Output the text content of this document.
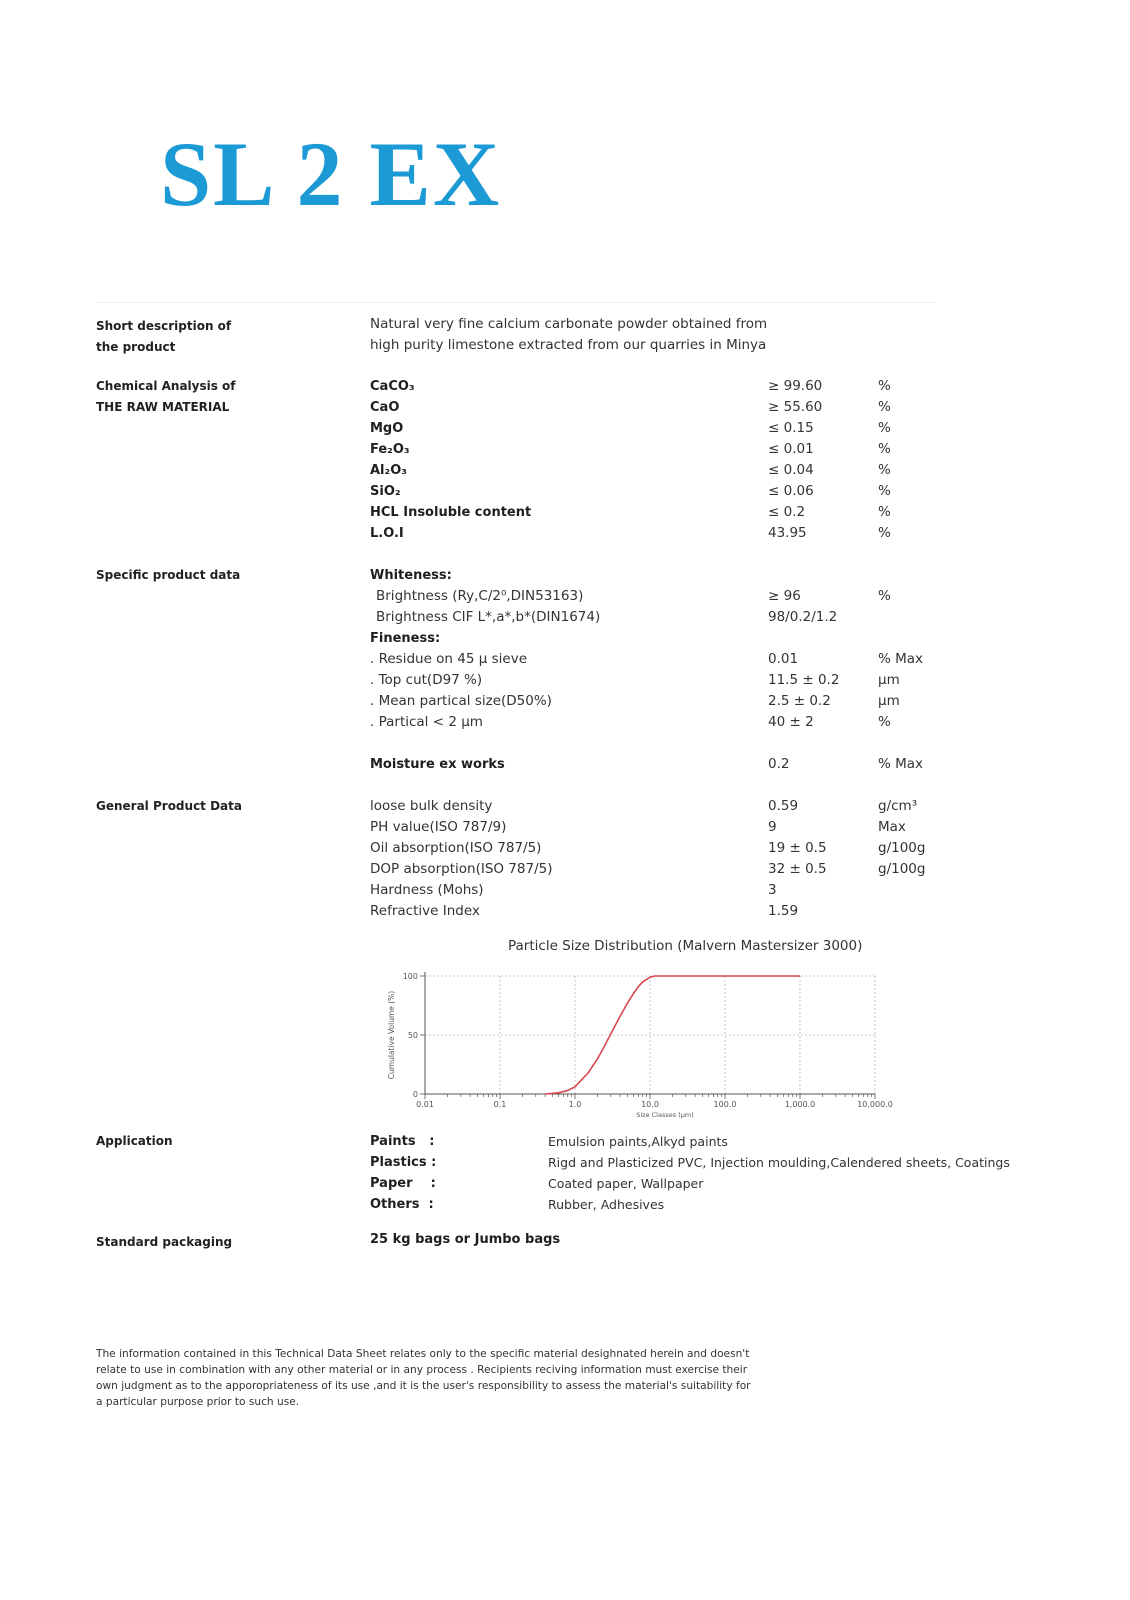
SL 2 EX
Short description of
the product
Natural very fine calcium carbonate powder obtained from
high purity limestone extracted from our quarries in Minya
Chemical Analysis of
THE RAW MATERIAL
CaCO₃	≥ 99.60	%
CaO	≥ 55.60	%
MgO	≤ 0.15	%
Fe₂O₃	≤ 0.01	%
Al₂O₃	≤ 0.04	%
SiO₂	≤ 0.06	%
HCL Insoluble content	≤ 0.2	%
L.O.I	43.95	%
Specific product data	Whiteness:
Brightness (Ry,C/2⁰,DIN53163)	≥ 96	%
Brightness CIF L*,a*,b*(DIN1674)	98/0.2/1.2
Fineness:
. Residue on 45 µ sieve	0.01	% Max
. Top cut(D97 %)	11.5 ± 0.2	µm
. Mean partical size(D50%)	2.5 ± 0.2	µm
. Partical < 2 µm	40 ± 2	%
Moisture ex works	0.2	% Max
General Product Data	loose bulk density	0.59	g/cm³
PH value(ISO 787/9)	9	Max
Oil absorption(ISO 787/5)	19 ± 0.5	g/100g
DOP absorption(ISO 787/5)	32 ± 0.5	g/100g
Hardness (Mohs)	3
Refractive Index	1.59
Particle Size Distribution (Malvern Mastersizer 3000)
0.01	0.1	1.0	10.0	100.0	1,000.0	10,000.0
0
50
100
Size Classes (µm)
Cumulative Volume (%)
Application	Paints   :	Emulsion paints,Alkyd paints
Plastics :	Rigd and Plasticized PVC, Injection moulding,Calendered sheets, Coatings
Paper    :	Coated paper, Wallpaper
Others  :	Rubber, Adhesives
Standard packaging	25 kg bags or Jumbo bags
The information contained in this Technical Data Sheet relates only to the specific material desighnated herein and doesn't
relate to use in combination with any other material or in any process . Recipients reciving information must exercise their
own judgment as to the apporopriateness of its use ,and it is the user's responsibility to assess the material's suitability for
a particular purpose prior to such use.
